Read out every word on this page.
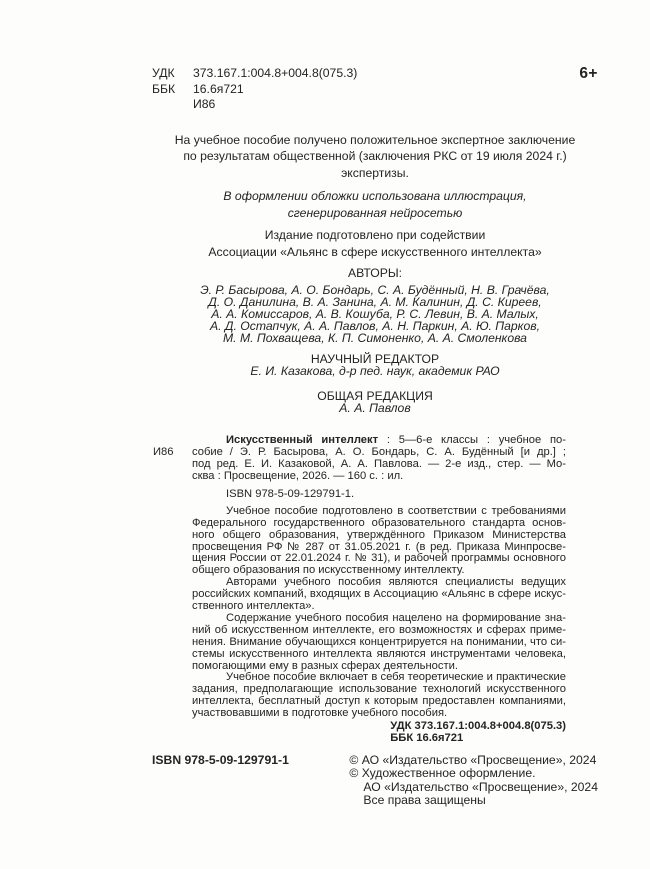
УДК	373.167.1:004.8+004.8(075.3)
ББК	16.6я721
И86
6+
На учебное пособие получено положительное экспертное заключение
по результатам общественной (заключения РКС от 19 июля 2024 г.)
экспертизы.
В оформлении обложки использована иллюстрация,
сгенерированная нейросетью
Издание подготовлено при содействии
Ассоциации «Альянс в сфере искусственного интеллекта»
АВТОРЫ:
Э. Р. Басырова, А. О. Бондарь, С. А. Будённый, Н. В. Грачёва,
Д. О. Данилина, В. А. Занина, А. М. Калинин, Д. С. Киреев,
А. А. Комиссаров, А. В. Кошуба, Р. С. Левин, В. А. Малых,
А. Д. Остапчук, А. А. Павлов, А. Н. Паркин, А. Ю. Парков,
М. М. Похващева, К. П. Симоненко, А. А. Смоленкова
НАУЧНЫЙ РЕДАКТОР
Е. И. Казакова, д-р пед. наук, академик РАО
ОБЩАЯ РЕДАКЦИЯ
А. А. Павлов
И86
Искусственный интеллект : 5—6-е классы : учебное по-
собие / Э. Р. Басырова, А. О. Бондарь, С. А. Будённый [и др.] ;
под ред. Е. И. Казаковой, А. А. Павлова. — 2-е изд., стер. — Мо-
сква : Просвещение, 2026. — 160 с. : ил.
ISBN 978-5-09-129791-1.
Учебное пособие подготовлено в соответствии с требованиями
Федерального государственного образовательного стандарта основ-
ного общего образования, утверждённого Приказом Министерства
просвещения РФ № 287 от 31.05.2021 г. (в ред. Приказа Минпросве-
щения России от 22.01.2024 г. № 31), и рабочей программы основного
общего образования по искусственному интеллекту.
Авторами учебного пособия являются специалисты ведущих
российских компаний, входящих в Ассоциацию «Альянс в сфере искус-
ственного интеллекта».
Содержание учебного пособия нацелено на формирование зна-
ний об искусственном интеллекте, его возможностях и сферах приме-
нения. Внимание обучающихся концентрируется на понимании, что си-
стемы искусственного интеллекта являются инструментами человека,
помогающими ему в разных сферах деятельности.
Учебное пособие включает в себя теоретические и практические
задания, предполагающие использование технологий искусственного
интеллекта, бесплатный доступ к которым предоставлен компаниями,
участвовавшими в подготовке учебного пособия.
УДК 373.167.1:004.8+004.8(075.3)
ББК 16.6я721
ISBN 978-5-09-129791-1	© АО «Издательство «Просвещение», 2024
© Художественное оформление.
АО «Издательство «Просвещение», 2024
Все права защищены
